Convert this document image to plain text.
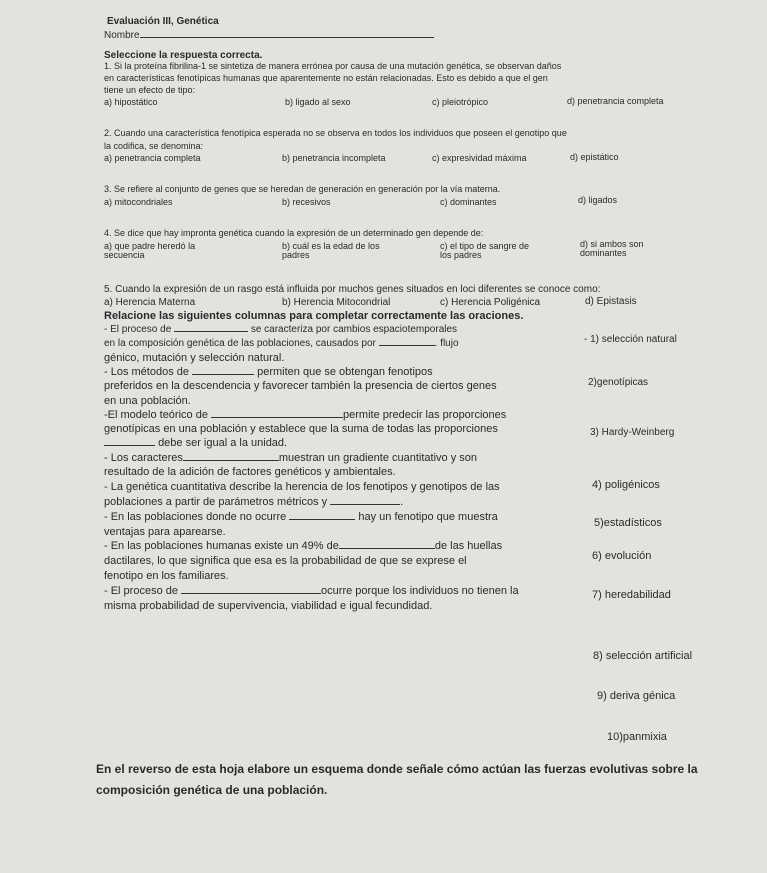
Evaluación III, Genética
Nombre
Seleccione la respuesta correcta.
1. Si la proteína fibrilina-1 se sintetiza de manera errónea por causa de una mutación genética, se observan daños
en características fenotípicas humanas que aparentemente no están relacionadas. Esto es debido a que el gen
tiene un efecto de tipo:
a) hipostático	b) ligado al sexo	c) pleiotrópico	d) penetrancia completa
2. Cuando una característica fenotípica esperada no se observa en todos los individuos que poseen el genotipo que
la codifica, se denomina:
a) penetrancia completa	b) penetrancia incompleta	c) expresividad máxima	d) epistático
3. Se refiere al conjunto de genes que se heredan de generación en generación por la vía materna.
a) mitocondriales	b) recesivos	c) dominantes	d) ligados
4. Se dice que hay impronta genética cuando la expresión de un determinado gen depende de:
a) que padre heredó la
secuencia
b) cuál es la edad de los
padres
c) el tipo de sangre de
los padres
d) si ambos son
dominantes
5. Cuando la expresión de un rasgo está influida por muchos genes situados en loci diferentes se conoce como:
a) Herencia Materna	b) Herencia Mitocondrial	c) Herencia Poligénica	d) Epistasis
Relacione las siguientes columnas para completar correctamente las oraciones.
- El proceso de	se caracteriza por cambios espaciotemporales
en la composición genética de las poblaciones, causados por	. flujo
génico, mutación y selección natural.
- Los métodos de	permiten que se obtengan fenotipos
preferidos en la descendencia y favorecer también la presencia de ciertos genes
en una población.
-El modelo teórico de	permite predecir las proporciones
genotípicas en una población y establece que la suma de todas las proporciones
debe ser igual a la unidad.
- Los caracteres	muestran un gradiente cuantitativo y son
resultado de la adición de factores genéticos y ambientales.
- La genética cuantitativa describe la herencia de los fenotipos y genotipos de las
poblaciones a partir de parámetros métricos y	.
- En las poblaciones donde no ocurre	hay un fenotipo que muestra
ventajas para aparearse.
- En las poblaciones humanas existe un 49% de	de las huellas
dactilares, lo que significa que esa es la probabilidad de que se exprese el
fenotipo en los familiares.
- El proceso de	ocurre porque los individuos no tienen la
misma probabilidad de supervivencia, viabilidad e igual fecundidad.
- 1) selección natural
2)genotípicas
3) Hardy-Weinberg
4) poligénicos
5)estadísticos
6) evolución
7) heredabilidad
8) selección artificial
9) deriva génica
10)panmixia
En el reverso de esta hoja elabore un esquema donde señale cómo actúan las fuerzas evolutivas sobre la
composición genética de una población.
